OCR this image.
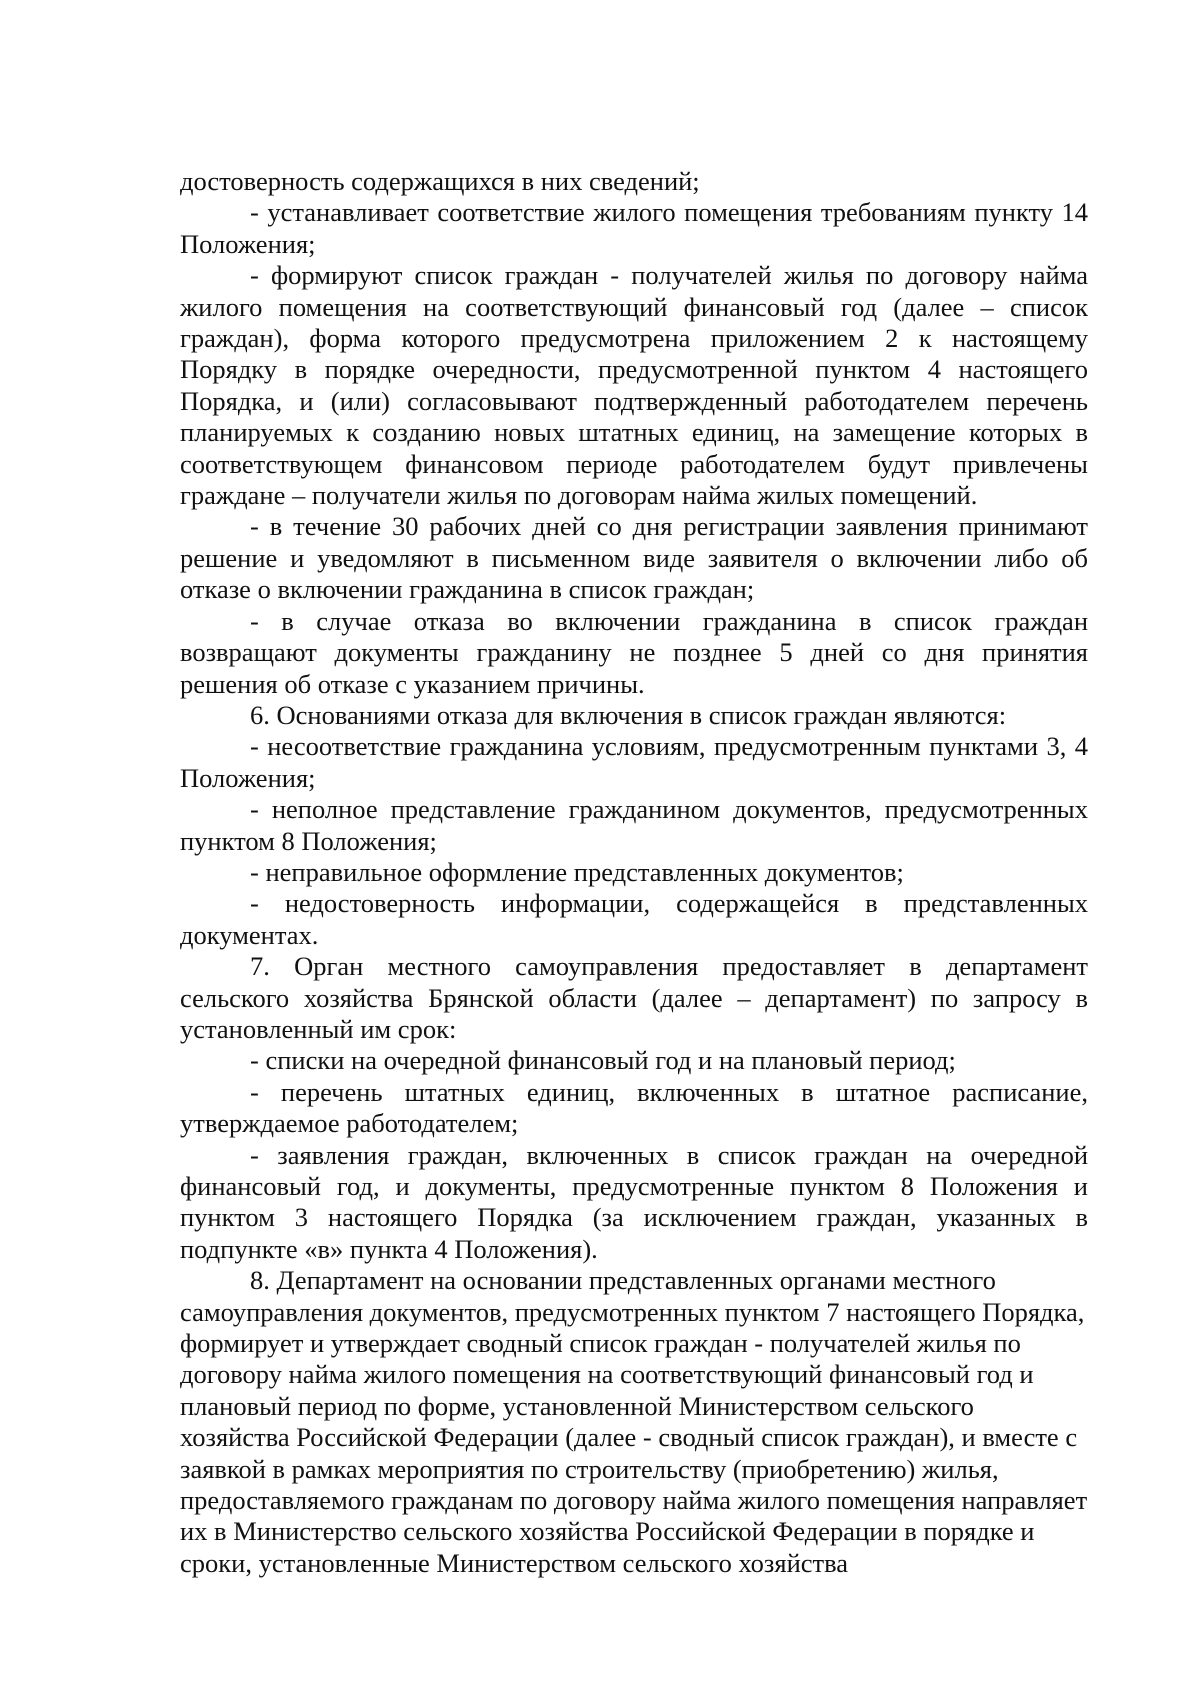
достоверность содержащихся в них сведений;

- устанавливает соответствие жилого помещения требованиям пункту 14 Положения;

- формируют список граждан - получателей жилья по договору найма жилого помещения на соответствующий финансовый год (далее – список граждан), форма которого предусмотрена приложением 2 к настоящему Порядку в порядке очередности, предусмотренной пунктом 4 настоящего Порядка, и (или) согласовывают подтвержденный работодателем перечень планируемых к созданию новых штатных единиц, на замещение которых в соответствующем финансовом периоде работодателем будут привлечены граждане – получатели жилья по договорам найма жилых помещений.

- в течение 30 рабочих дней со дня регистрации заявления принимают решение и уведомляют в письменном виде заявителя о включении либо об отказе о включении гражданина в список граждан;

- в случае отказа во включении гражданина в список граждан возвращают документы гражданину не позднее 5 дней со дня принятия решения об отказе с указанием причины.

6. Основаниями отказа для включения в список граждан являются:

- несоответствие гражданина условиям, предусмотренным пунктами 3, 4 Положения;

- неполное представление гражданином документов, предусмотренных пунктом 8 Положения;

- неправильное оформление представленных документов;

- недостоверность информации, содержащейся в представленных документах.

7. Орган местного самоуправления предоставляет в департамент сельского хозяйства Брянской области (далее – департамент) по запросу в установленный им срок:

- списки на очередной финансовый год и на плановый период;

- перечень штатных единиц, включенных в штатное расписание, утверждаемое работодателем;

- заявления граждан, включенных в список граждан на очередной финансовый год, и документы, предусмотренные пунктом 8 Положения и пунктом 3 настоящего Порядка (за исключением граждан, указанных в подпункте «в» пункта 4 Положения).

8. Департамент на основании представленных органами местного самоуправления документов, предусмотренных пунктом 7 настоящего Порядка, формирует и утверждает сводный список граждан - получателей жилья по договору найма жилого помещения на соответствующий финансовый год и плановый период по форме, установленной Министерством сельского хозяйства Российской Федерации (далее - сводный список граждан), и вместе с заявкой в рамках мероприятия по строительству (приобретению) жилья, предоставляемого гражданам по договору найма жилого помещения направляет их в Министерство сельского хозяйства Российской Федерации в порядке и сроки, установленные Министерством сельского хозяйства
